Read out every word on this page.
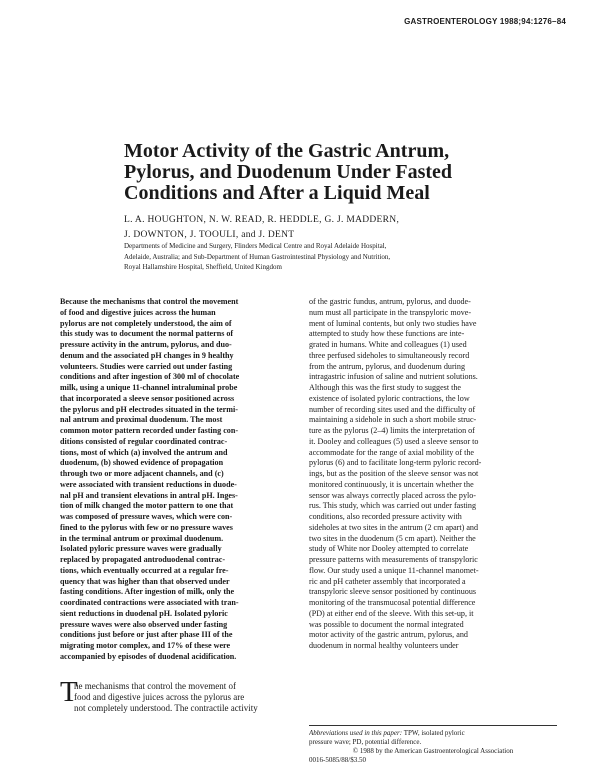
GASTROENTEROLOGY 1988;94:1276–84
Motor Activity of the Gastric Antrum,
Pylorus, and Duodenum Under Fasted
Conditions and After a Liquid Meal
L. A. HOUGHTON, N. W. READ, R. HEDDLE, G. J. MADDERN,
J. DOWNTON, J. TOOULI, and J. DENT
Departments of Medicine and Surgery, Flinders Medical Centre and Royal Adelaide Hospital,
Adelaide, Australia; and Sub-Department of Human Gastrointestinal Physiology and Nutrition,
Royal Hallamshire Hospital, Sheffield, United Kingdom
Because the mechanisms that control the movement
of food and digestive juices across the human
pylorus are not completely understood, the aim of
this study was to document the normal patterns of
pressure activity in the antrum, pylorus, and duo-
denum and the associated pH changes in 9 healthy
volunteers. Studies were carried out under fasting
conditions and after ingestion of 300 ml of chocolate
milk, using a unique 11-channel intraluminal probe
that incorporated a sleeve sensor positioned across
the pylorus and pH electrodes situated in the termi-
nal antrum and proximal duodenum. The most
common motor pattern recorded under fasting con-
ditions consisted of regular coordinated contrac-
tions, most of which (a) involved the antrum and
duodenum, (b) showed evidence of propagation
through two or more adjacent channels, and (c)
were associated with transient reductions in duode-
nal pH and transient elevations in antral pH. Inges-
tion of milk changed the motor pattern to one that
was composed of pressure waves, which were con-
fined to the pylorus with few or no pressure waves
in the terminal antrum or proximal duodenum.
Isolated pyloric pressure waves were gradually
replaced by propagated antroduodenal contrac-
tions, which eventually occurred at a regular fre-
quency that was higher than that observed under
fasting conditions. After ingestion of milk, only the
coordinated contractions were associated with tran-
sient reductions in duodenal pH. Isolated pyloric
pressure waves were also observed under fasting
conditions just before or just after phase III of the
migrating motor complex, and 17% of these were
accompanied by episodes of duodenal acidification.
T
he mechanisms that control the movement of
food and digestive juices across the pylorus are
not completely understood. The contractile activity
of the gastric fundus, antrum, pylorus, and duode-
num must all participate in the transpyloric move-
ment of luminal contents, but only two studies have
attempted to study how these functions are inte-
grated in humans. White and colleagues (1) used
three perfused sideholes to simultaneously record
from the antrum, pylorus, and duodenum during
intragastric infusion of saline and nutrient solutions.
Although this was the first study to suggest the
existence of isolated pyloric contractions, the low
number of recording sites used and the difficulty of
maintaining a sidehole in such a short mobile struc-
ture as the pylorus (2–4) limits the interpretation of
it. Dooley and colleagues (5) used a sleeve sensor to
accommodate for the range of axial mobility of the
pylorus (6) and to facilitate long-term pyloric record-
ings, but as the position of the sleeve sensor was not
monitored continuously, it is uncertain whether the
sensor was always correctly placed across the pylo-
rus. This study, which was carried out under fasting
conditions, also recorded pressure activity with
sideholes at two sites in the antrum (2 cm apart) and
two sites in the duodenum (5 cm apart). Neither the
study of White nor Dooley attempted to correlate
pressure patterns with measurements of transpyloric
flow. Our study used a unique 11-channel manomet-
ric and pH catheter assembly that incorporated a
transpyloric sleeve sensor positioned by continuous
monitoring of the transmucosal potential difference
(PD) at either end of the sleeve. With this set-up, it
was possible to document the normal integrated
motor activity of the gastric antrum, pylorus, and
duodenum in normal healthy volunteers under
Abbreviations used in this paper: TPW, isolated pyloric
pressure wave; PD, potential difference.
© 1988 by the American Gastroenterological Association
0016-5085/88/$3.50
